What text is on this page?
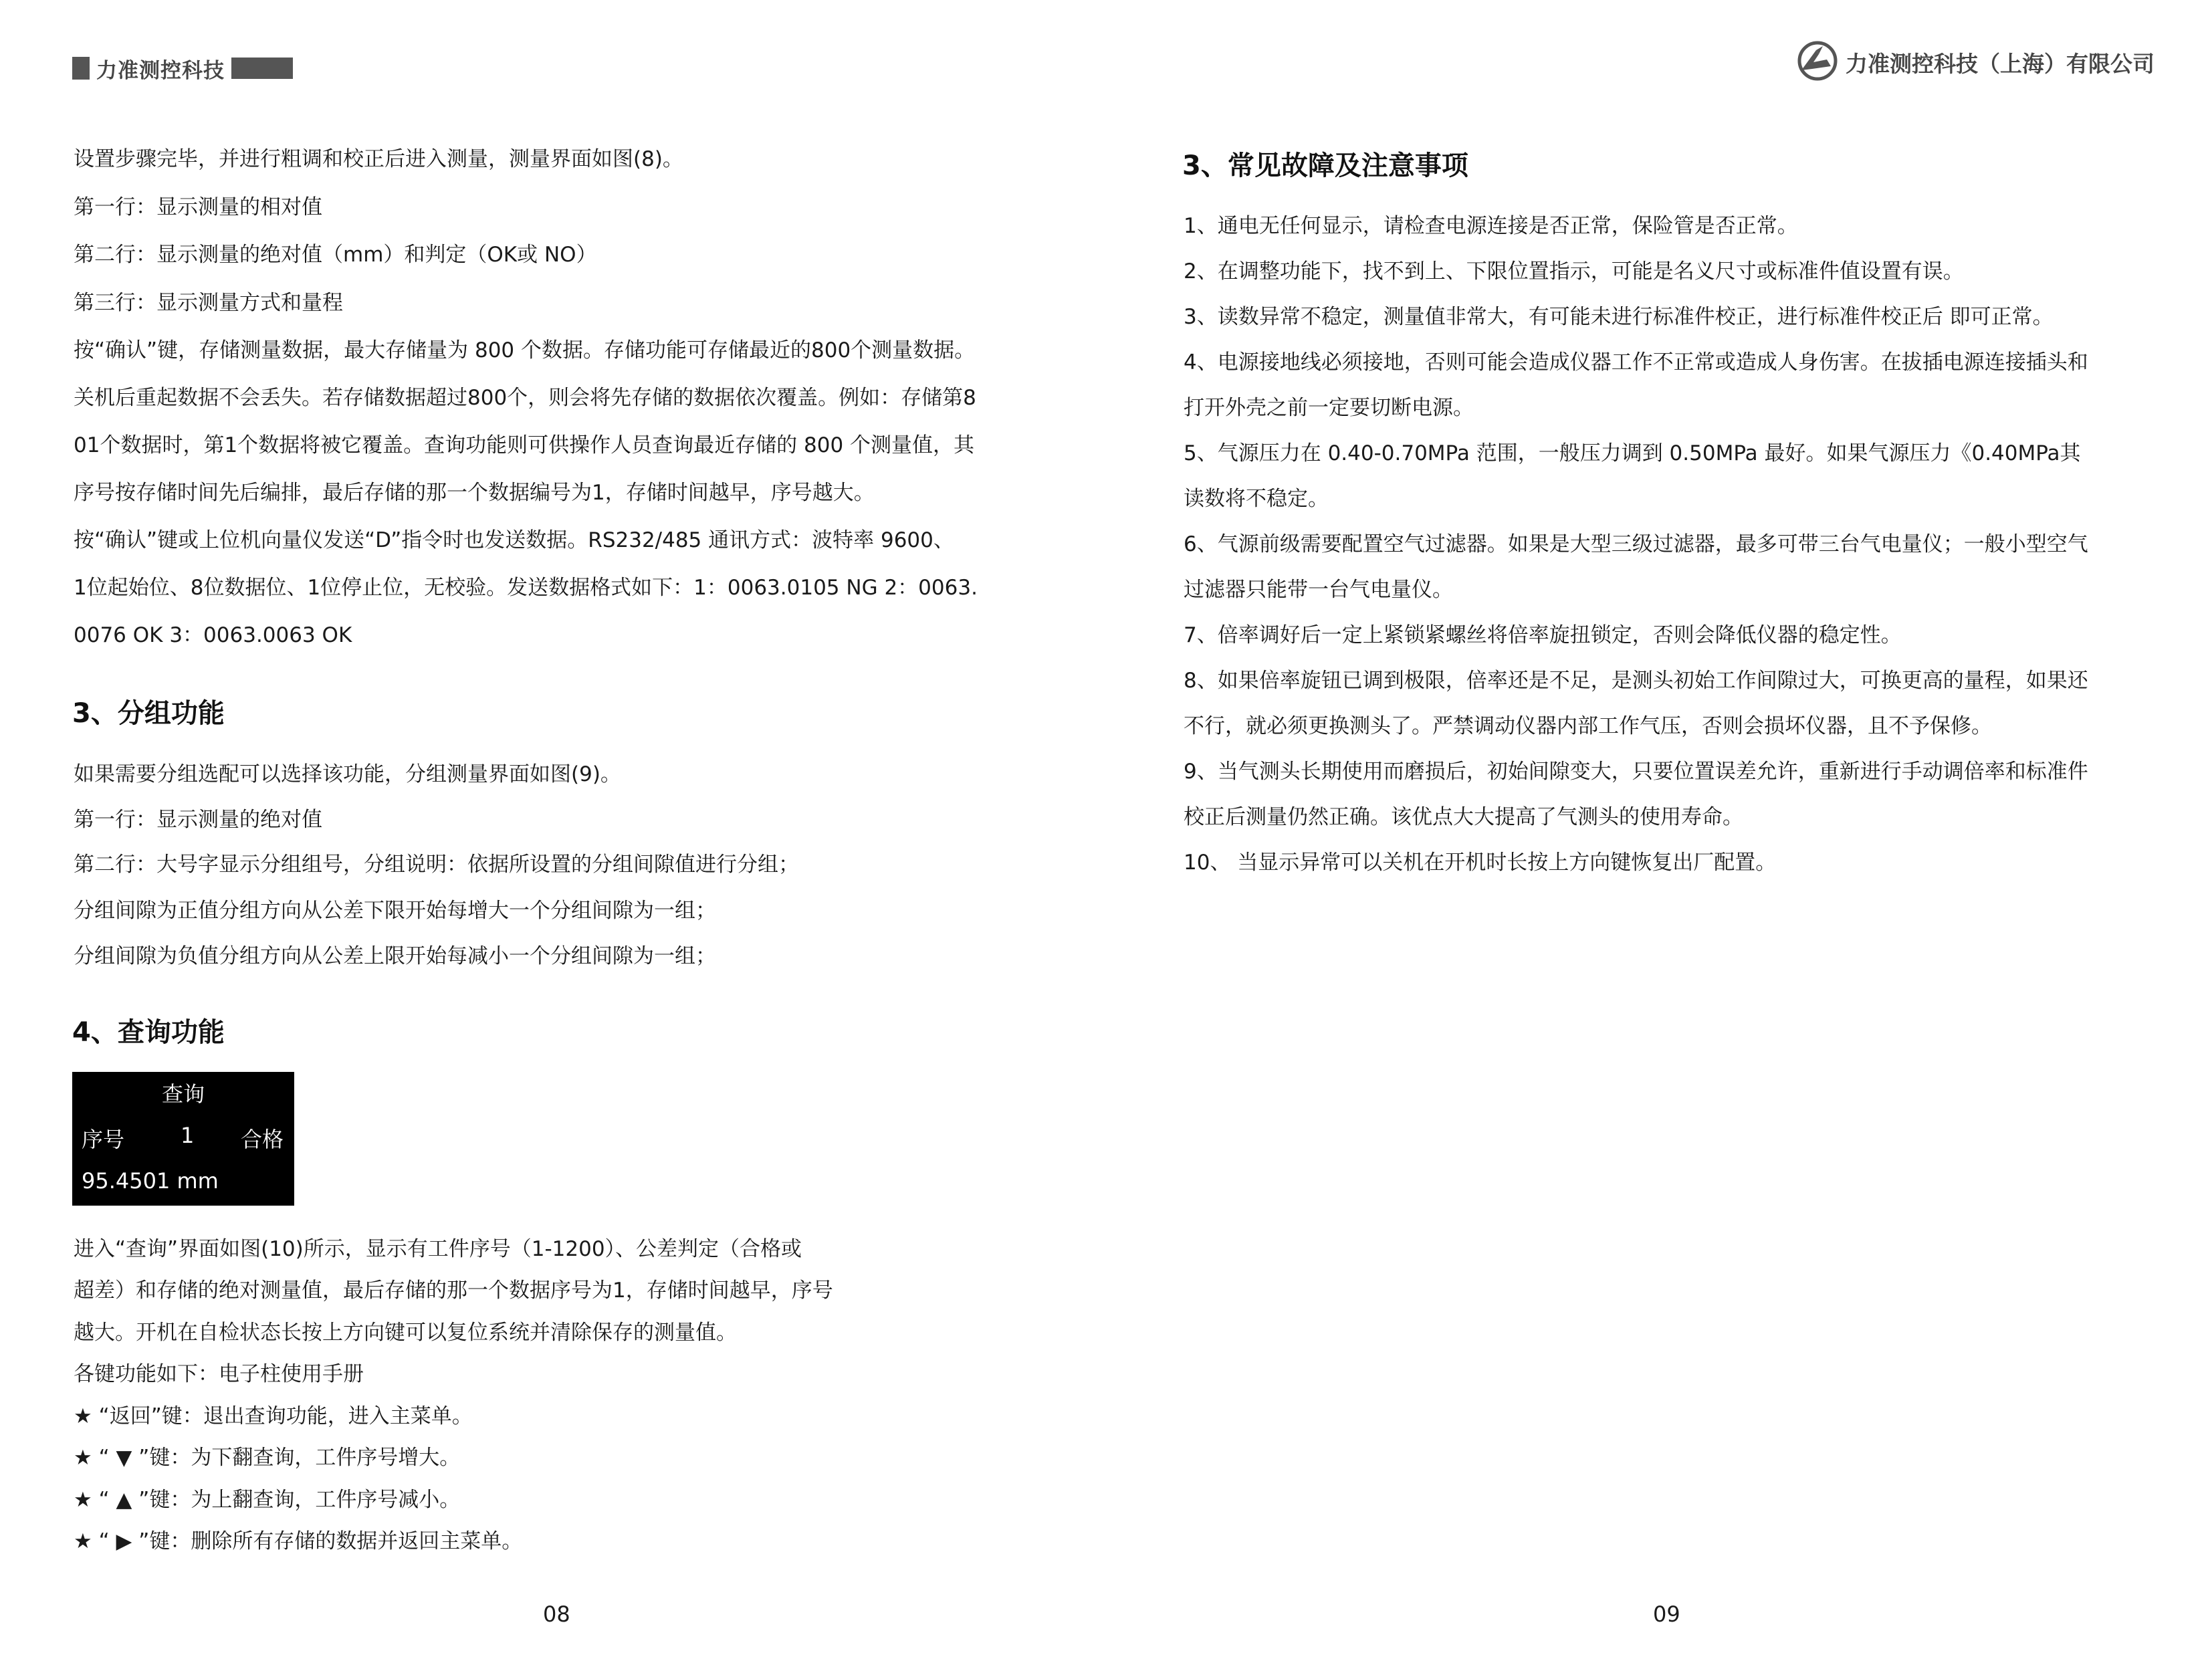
力准测控科技	力准测控科技（上海）有限公司
设置步骤完毕，并进行粗调和校正后进入测量，测量界面如图(8)。
第一行：显示测量的相对值
第二行：显示测量的绝对值（mm）和判定（OK或 NO）
第三行：显示测量方式和量程
按“确认”键，存储测量数据，最大存储量为 800 个数据。存储功能可存储最近的800个测量数据。
关机后重起数据不会丢失。若存储数据超过800个，则会将先存储的数据依次覆盖。例如：存储第8
01个数据时，第1个数据将被它覆盖。查询功能则可供操作人员查询最近存储的 800 个测量值，其
序号按存储时间先后编排，最后存储的那一个数据编号为1，存储时间越早，序号越大。
按“确认”键或上位机向量仪发送“D”指令时也发送数据。RS232/485 通讯方式：波特率 9600、
1位起始位、8位数据位、1位停止位，无校验。发送数据格式如下：1：0063.0105 NG 2：0063.
0076 OK 3：0063.0063 OK
3、分组功能
如果需要分组选配可以选择该功能，分组测量界面如图(9)。
第一行：显示测量的绝对值
第二行：大号字显示分组组号，分组说明：依据所设置的分组间隙值进行分组；
分组间隙为正值分组方向从公差下限开始每增大一个分组间隙为一组；
分组间隙为负值分组方向从公差上限开始每减小一个分组间隙为一组；
4、查询功能
查询
序号	1 合格
95.4501 mm
进入“查询”界面如图(10)所示，显示有工件序号（1-1200）、公差判定（合格或
超差）和存储的绝对测量值，最后存储的那一个数据序号为1，存储时间越早，序号
越大。开机在自检状态长按上方向键可以复位系统并清除保存的测量值。
各键功能如下：电子柱使用手册
★ “返回”键：退出查询功能，进入主菜单。
★ “ ▼ ”键：为下翻查询，工件序号增大。
★ “ ▲ ”键：为上翻查询，工件序号减小。
★ “ ▶ ”键：删除所有存储的数据并返回主菜单。
08
3、常见故障及注意事项
1、通电无任何显示，请检查电源连接是否正常，保险管是否正常。
2、在调整功能下，找不到上、下限位置指示，可能是名义尺寸或标准件值设置有误。
3、读数异常不稳定，测量值非常大，有可能未进行标准件校正，进行标准件校正后 即可正常。
4、电源接地线必须接地，否则可能会造成仪器工作不正常或造成人身伤害。在拔插电源连接插头和
打开外壳之前一定要切断电源。
5、气源压力在 0.40-0.70MPa 范围，一般压力调到 0.50MPa 最好。如果气源压力《0.40MPa其
读数将不稳定。
6、气源前级需要配置空气过滤器。如果是大型三级过滤器，最多可带三台气电量仪；一般小型空气
过滤器只能带一台气电量仪。
7、倍率调好后一定上紧锁紧螺丝将倍率旋扭锁定，否则会降低仪器的稳定性。
8、如果倍率旋钮已调到极限，倍率还是不足，是测头初始工作间隙过大，可换更高的量程，如果还
不行，就必须更换测头了。严禁调动仪器内部工作气压，否则会损坏仪器，且不予保修。
9、当气测头长期使用而磨损后，初始间隙变大，只要位置误差允许，重新进行手动调倍率和标准件
校正后测量仍然正确。该优点大大提高了气测头的使用寿命。
10、 当显示异常可以关机在开机时长按上方向键恢复出厂配置。
09
